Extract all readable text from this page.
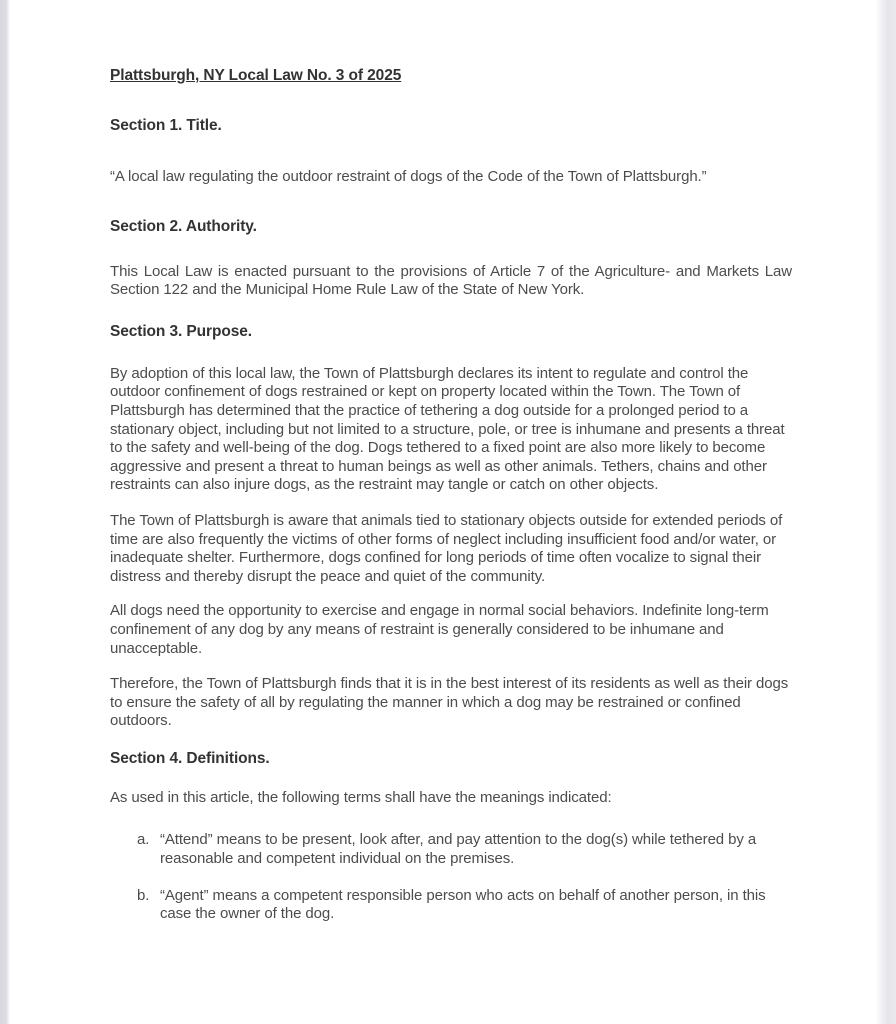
Plattsburgh, NY Local Law No. 3 of 2025
Section 1. Title.

“A local law regulating the outdoor restraint of dogs of the Code of the Town of Plattsburgh.”

Section 2. Authority.

This Local Law is enacted pursuant to the provisions of Article 7 of the Agriculture- and Markets Law Section 122 and the Municipal Home Rule Law of the State of New York.

Section 3. Purpose.

By adoption of this local law, the Town of Plattsburgh declares its intent to regulate and control the outdoor confinement of dogs restrained or kept on property located within the Town. The Town of Plattsburgh has determined that the practice of tethering a dog outside for a prolonged period to a stationary object, including but not limited to a structure, pole, or tree is inhumane and presents a threat to the safety and well-being of the dog. Dogs tethered to a fixed point are also more likely to become aggressive and present a threat to human beings as well as other animals. Tethers, chains and other restraints can also injure dogs, as the restraint may tangle or catch on other objects.

The Town of Plattsburgh is aware that animals tied to stationary objects outside for extended periods of time are also frequently the victims of other forms of neglect including insufficient food and/or water, or inadequate shelter. Furthermore, dogs confined for long periods of time often vocalize to signal their distress and thereby disrupt the peace and quiet of the community.

All dogs need the opportunity to exercise and engage in normal social behaviors. Indefinite long-term confinement of any dog by any means of restraint is generally considered to be inhumane and unacceptable.

Therefore, the Town of Plattsburgh finds that it is in the best interest of its residents as well as their dogs to ensure the safety of all by regulating the manner in which a dog may be restrained or confined outdoors.

Section 4. Definitions.

As used in this article, the following terms shall have the meanings indicated:

a. “Attend” means to be present, look after, and pay attention to the dog(s) while tethered by a reasonable and competent individual on the premises.
b. “Agent” means a competent responsible person who acts on behalf of another person, in this case the owner of the dog.
